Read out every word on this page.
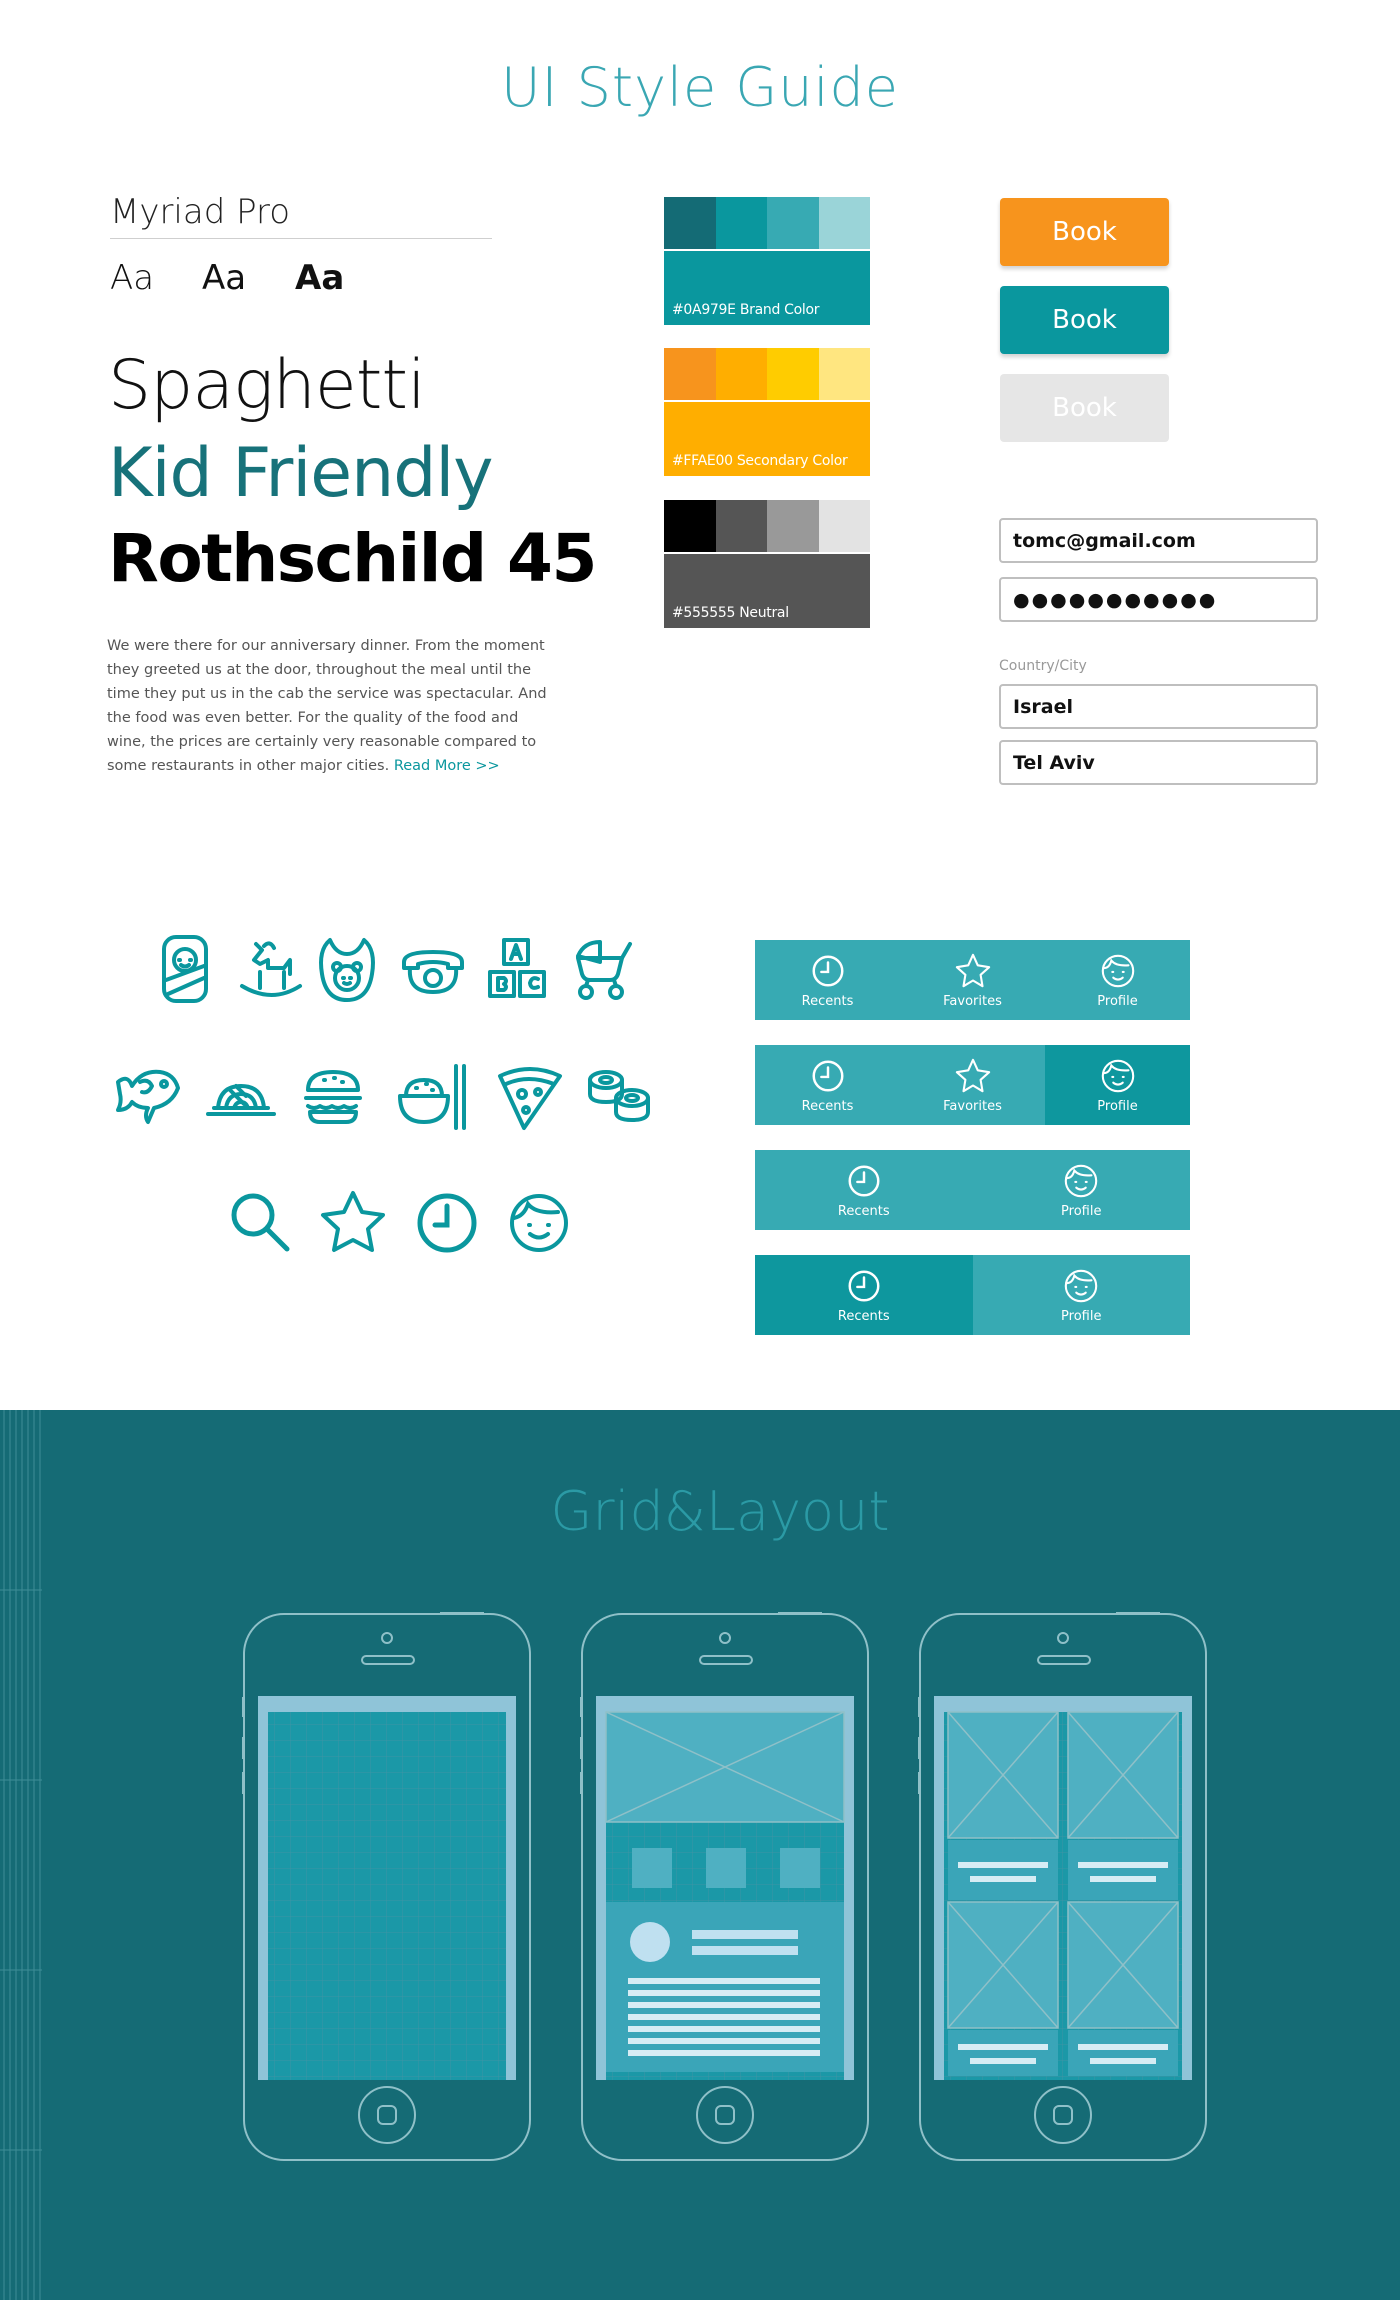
UI Style Guide
Myriad Pro
Aa Aa Aa
Spaghetti
Kid Friendly
Rothschild 45
We were there for our anniversary dinner. From the moment they greeted us at the door, throughout the meal until the time they put us in the cab the service was spectacular. And the food was even better. For the quality of the food and wine, the prices are certainly very reasonable compared to some restaurants in other major cities. Read More >>
#0A979E Brand Color
#FFAE00 Secondary Color
#555555 Neutral
Book
Book
Book
tomc@gmail.com
●●●●●●●●●●●
Country/City
Israel
Tel Aviv
Recents	Favorites	Profile
Recents	Favorites	Profile
Recents	Profile
Recents	Profile
Grid&Layout
